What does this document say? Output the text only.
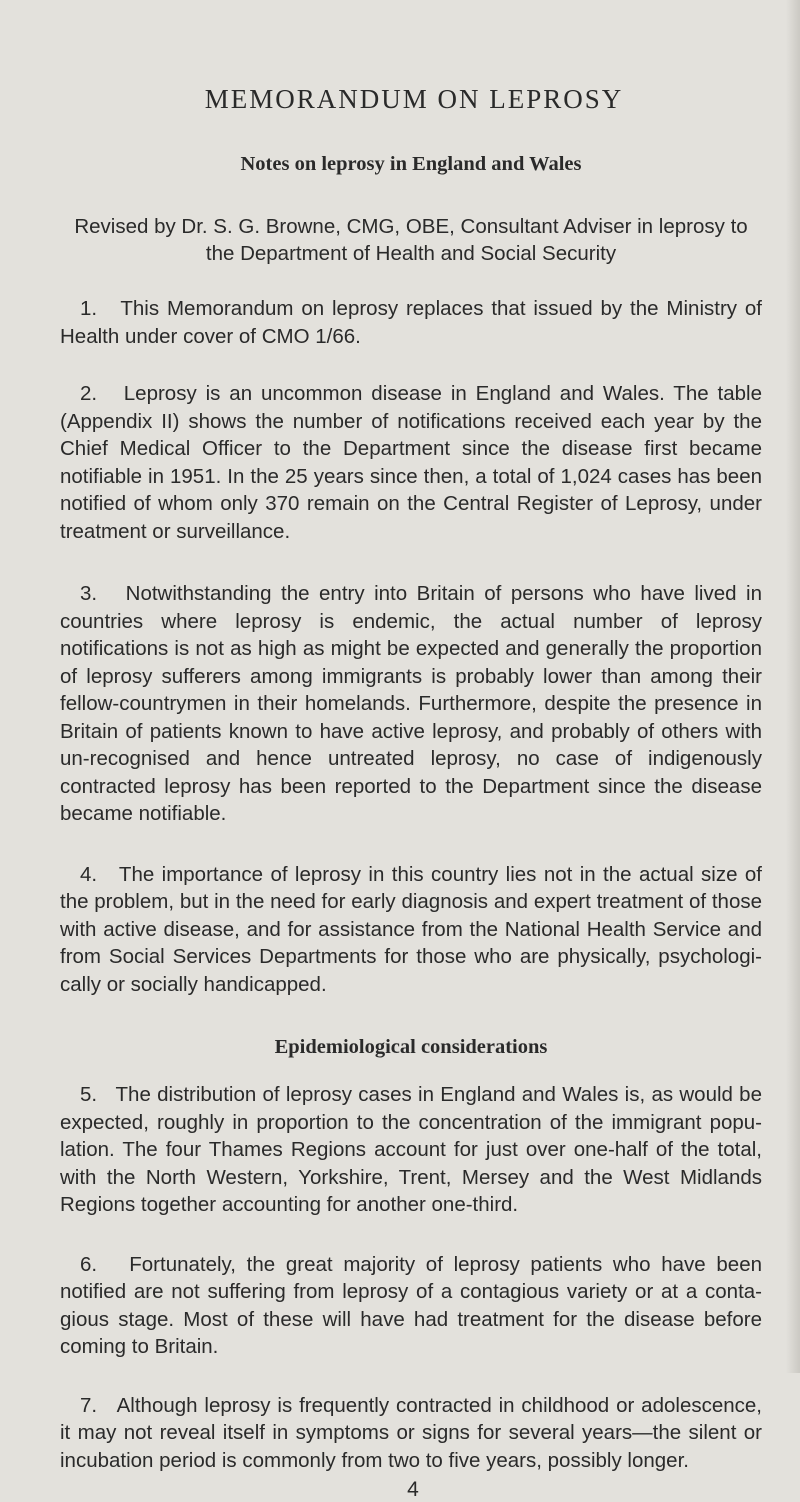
MEMORANDUM ON LEPROSY
Notes on leprosy in England and Wales
Revised by Dr. S. G. Browne, CMG, OBE, Consultant Adviser in leprosy to the Department of Health and Social Security

1. This Memorandum on leprosy replaces that issued by the Ministry of Health under cover of CMO 1/66.

2. Leprosy is an uncommon disease in England and Wales. The table (Appendix II) shows the number of notifications received each year by the Chief Medical Officer to the Department since the disease first became notifiable in 1951. In the 25 years since then, a total of 1,024 cases has been notified of whom only 370 remain on the Central Register of Leprosy, under treatment or surveillance.

3. Notwithstanding the entry into Britain of persons who have lived in countries where leprosy is endemic, the actual number of leprosy notifications is not as high as might be expected and generally the proportion of leprosy sufferers among immigrants is probably lower than among their fellow-countrymen in their homelands. Furthermore, despite the presence in Britain of patients known to have active leprosy, and probably of others with un-recognised and hence untreated leprosy, no case of indigenously contracted leprosy has been reported to the Department since the disease became notifiable.

4. The importance of leprosy in this country lies not in the actual size of the problem, but in the need for early diagnosis and expert treatment of those with active disease, and for assistance from the National Health Service and from Social Services Departments for those who are physically, psychologi-cally or socially handicapped.

Epidemiological considerations

5. The distribution of leprosy cases in England and Wales is, as would be expected, roughly in proportion to the concentration of the immigrant popu-lation. The four Thames Regions account for just over one-half of the total, with the North Western, Yorkshire, Trent, Mersey and the West Midlands Regions together accounting for another one-third.

6. Fortunately, the great majority of leprosy patients who have been notified are not suffering from leprosy of a contagious variety or at a conta-gious stage. Most of these will have had treatment for the disease before coming to Britain.

7. Although leprosy is frequently contracted in childhood or adolescence, it may not reveal itself in symptoms or signs for several years—the silent or incubation period is commonly from two to five years, possibly longer.

4
